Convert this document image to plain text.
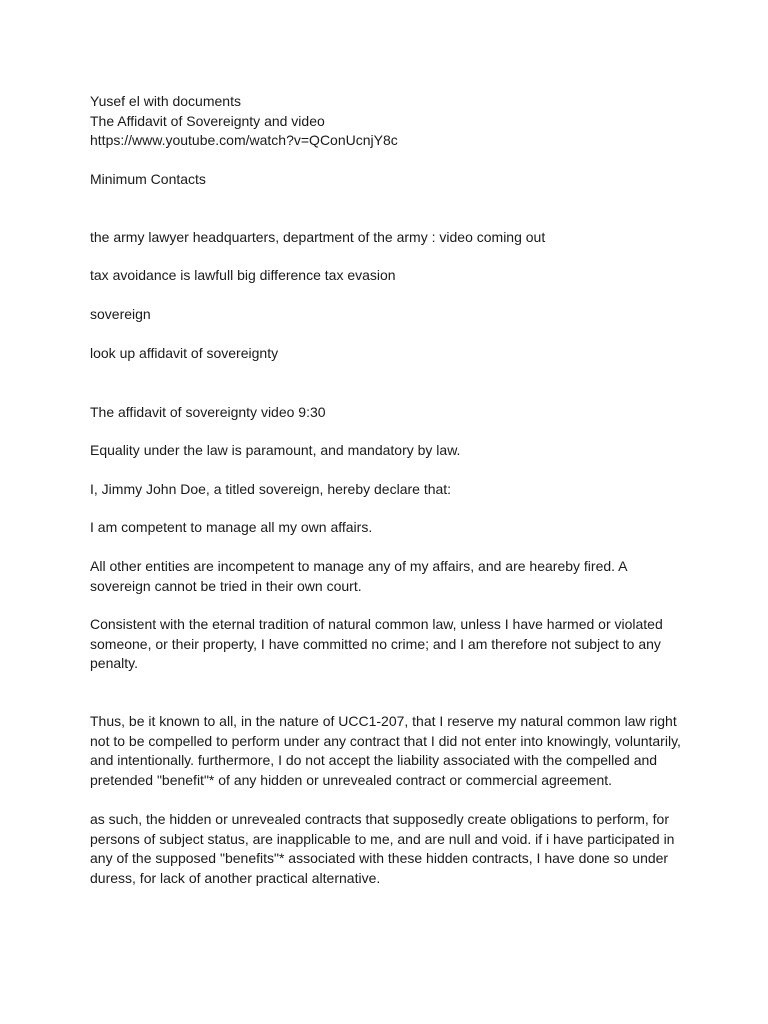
Yusef el with documents
The Affidavit of Sovereignty and video
https://www.youtube.com/watch?v=QConUcnjY8c

Minimum Contacts

the army lawyer headquarters, department of the army : video coming out

tax avoidance is lawfull big difference tax evasion

sovereign

look up affidavit of sovereignty

The affidavit of sovereignty video 9:30

Equality under the law is paramount, and mandatory by law.

I, Jimmy John Doe, a titled sovereign, hereby declare that:

I am competent to manage all my own affairs.

All other entities are incompetent to manage any of my affairs, and are heareby fired. A
sovereign cannot be tried in their own court.

Consistent with the eternal tradition of natural common law, unless I have harmed or violated
someone, or their property, I have committed no crime; and I am therefore not subject to any
penalty.

Thus, be it known to all, in the nature of UCC1-207, that I reserve my natural common law right
not to be compelled to perform under any contract that I did not enter into knowingly, voluntarily,
and intentionally. furthermore, I do not accept the liability associated with the compelled and
pretended "benefit"* of any hidden or unrevealed contract or commercial agreement.

as such, the hidden or unrevealed contracts that supposedly create obligations to perform, for
persons of subject status, are inapplicable to me, and are null and void. if i have participated in
any of the supposed "benefits"* associated with these hidden contracts, I have done so under
duress, for lack of another practical alternative.
